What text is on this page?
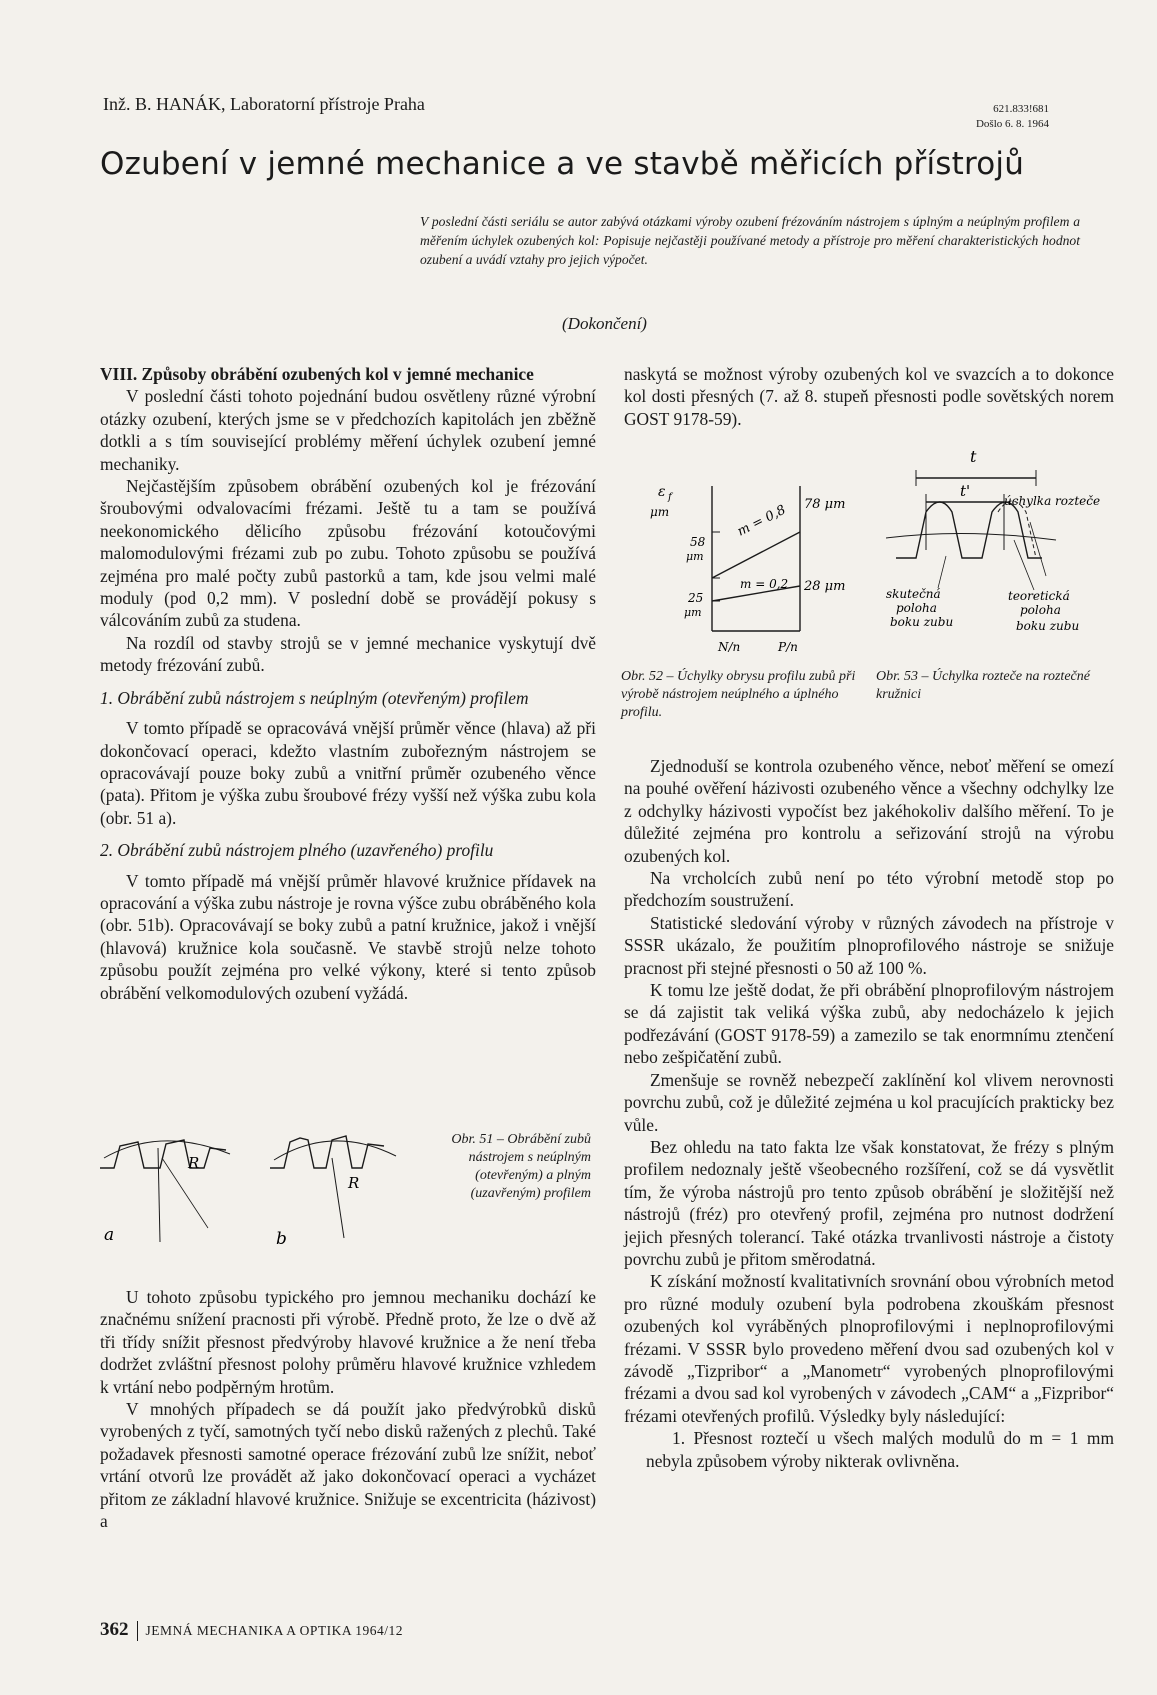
Inž. B. HANÁK, Laboratorní přístroje Praha	621.833!681
Došlo 6. 8. 1964
Ozubení v jemné mechanice a ve stavbě měřicích přístrojů
V poslední části seriálu se autor zabývá otázkami výroby ozubení frézováním nástrojem s úplným a neúplným profilem a měřením úchylek ozubených kol: Popisuje nejčastěji používané metody a přístroje pro měření charakteristických hodnot ozubení a uvádí vztahy pro jejich výpočet.
(Dokončení)
VIII. Způsoby obrábění ozubených kol v jemné mechanice

V poslední části tohoto pojednání budou osvětleny různé výrobní otázky ozubení, kterých jsme se v předchozích kapitolách jen zběžně dotkli a s tím související problémy měření úchylek ozubení jemné mechaniky.

Nejčastějším způsobem obrábění ozubených kol je frézování šroubovými odvalovacími frézami. Ještě tu a tam se používá neekonomického dělicího způsobu frézování kotoučovými malomodulovými frézami zub po zubu. Tohoto způsobu se používá zejména pro malé počty zubů pastorků a tam, kde jsou velmi malé moduly (pod 0,2 mm). V poslední době se provádějí pokusy s válcováním zubů za studena.

Na rozdíl od stavby strojů se v jemné mechanice vyskytují dvě metody frézování zubů.

1. Obrábění zubů nástrojem s neúplným (otevřeným) profilem

V tomto případě se opracovává vnější průměr věnce (hlava) až při dokončovací operaci, kdežto vlastním zubořezným nástrojem se opracovávají pouze boky zubů a vnitřní průměr ozubeného věnce (pata). Přitom je výška zubu šroubové frézy vyšší než výška zubu kola (obr. 51 a).

2. Obrábění zubů nástrojem plného (uzavřeného) profilu

V tomto případě má vnější průměr hlavové kružnice přídavek na opracování a výška zubu nástroje je rovna výšce zubu obráběného kola (obr. 51b). Opracovávají se boky zubů a patní kružnice, jakož i vnější (hlavová) kružnice kola současně. Ve stavbě strojů nelze tohoto způsobu použít zejména pro velké výkony, které si tento způsob obrábění velkomodulových ozubení vyžádá.

a
R
b
R
Obr. 51 – Obrábění zubů nástrojem s neúplným (otevřeným) a plným (uzavřeným) profilem

U tohoto způsobu typického pro jemnou mechaniku dochází ke značnému snížení pracnosti při výrobě. Předně proto, že lze o dvě až tři třídy snížit přesnost předvýroby hlavové kružnice a že není třeba dodržet zvláštní přesnost polohy průměru hlavové kružnice vzhledem k vrtání nebo podpěrným hrotům.

V mnohých případech se dá použít jako předvýrobků disků vyrobených z tyčí, samotných tyčí nebo disků ražených z plechů. Také požadavek přesnosti samotné operace frézování zubů lze snížit, neboť vrtání otvorů lze provádět až jako dokončovací operaci a vycházet přitom ze základní hlavové kružnice. Snižuje se excentricita (házivost) a

naskytá se možnost výroby ozubených kol ve svazcích a to dokonce kol dosti přesných (7. až 8. stupeň přesnosti podle sovětských norem GOST 9178-59).

ε f
μm
58
μm
25
μm
m = 0,8
m = 0,2
78 μm
28 μm
N/n	P/n
t
t'
úchylka rozteče
skutečná
poloha
boku zubu
teoretická
poloha
boku zubu
Obr. 52 – Úchylky obrysu profilu zubů při výrobě nástrojem neúplného a úplného profilu.
Obr. 53 – Úchylka rozteče na roztečné kružnici

Zjednoduší se kontrola ozubeného věnce, neboť měření se omezí na pouhé ověření házivosti ozubeného věnce a všechny odchylky lze z odchylky házivosti vypočíst bez jakéhokoliv dalšího měření. To je důležité zejména pro kontrolu a seřizování strojů na výrobu ozubených kol.

Na vrcholcích zubů není po této výrobní metodě stop po předchozím soustružení.

Statistické sledování výroby v různých závodech na přístroje v SSSR ukázalo, že použitím plnoprofilového nástroje se snižuje pracnost při stejné přesnosti o 50 až 100 %.

K tomu lze ještě dodat, že při obrábění plnoprofilovým nástrojem se dá zajistit tak veliká výška zubů, aby nedocházelo k jejich podřezávání (GOST 9178-59) a zamezilo se tak enormnímu ztenčení nebo zešpičatění zubů.

Zmenšuje se rovněž nebezpečí zaklínění kol vlivem nerovnosti povrchu zubů, což je důležité zejména u kol pracujících prakticky bez vůle.

Bez ohledu na tato fakta lze však konstatovat, že frézy s plným profilem nedoznaly ještě všeobecného rozšíření, což se dá vysvětlit tím, že výroba nástrojů pro tento způsob obrábění je složitější než nástrojů (fréz) pro otevřený profil, zejména pro nutnost dodržení jejich přesných tolerancí. Také otázka trvanlivosti nástroje a čistoty povrchu zubů je přitom směrodatná.

K získání možností kvalitativních srovnání obou výrobních metod pro různé moduly ozubení byla podrobena zkouškám přesnost ozubených kol vyráběných plnoprofilovými i neplnoprofilovými frézami. V SSSR bylo provedeno měření dvou sad ozubených kol v závodě „Tizpribor“ a „Manometr“ vyrobených plnoprofilovými frézami a dvou sad kol vyrobených v závodech „CAM“ a „Fizpribor“ frézami otevřených profilů. Výsledky byly následující:

1. Přesnost roztečí u všech malých modulů do m = 1 mm nebyla způsobem výroby nikterak ovlivněna.

362 JEMNÁ MECHANIKA A OPTIKA 1964/12
